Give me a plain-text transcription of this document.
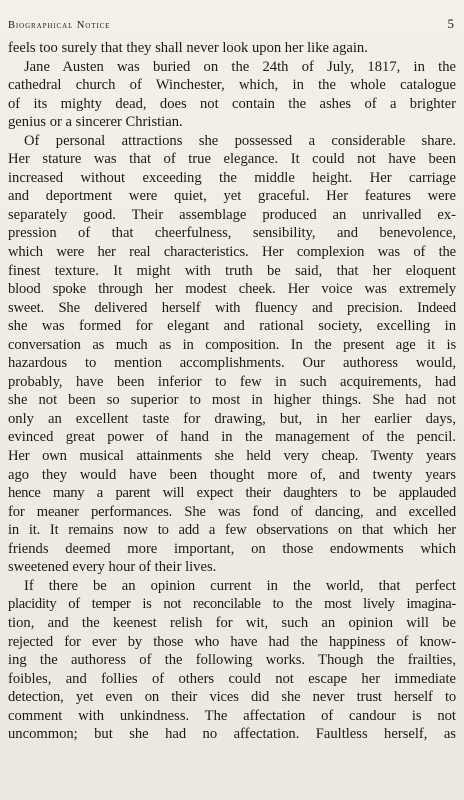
Biographical Notice	5
feels too surely that they shall never look upon her like again.
Jane Austen was buried on the 24th of July, 1817, in the
cathedral church of Winchester, which, in the whole catalogue
of its mighty dead, does not contain the ashes of a brighter
genius or a sincerer Christian.
Of personal attractions she possessed a considerable share.
Her stature was that of true elegance. It could not have been
increased without exceeding the middle height. Her carriage
and deportment were quiet, yet graceful. Her features were
separately good. Their assemblage produced an unrivalled ex-
pression of that cheerfulness, sensibility, and benevolence,
which were her real characteristics. Her complexion was of the
finest texture. It might with truth be said, that her eloquent
blood spoke through her modest cheek. Her voice was extremely
sweet. She delivered herself with fluency and precision. Indeed
she was formed for elegant and rational society, excelling in
conversation as much as in composition. In the present age it is
hazardous to mention accomplishments. Our authoress would,
probably, have been inferior to few in such acquirements, had
she not been so superior to most in higher things. She had not
only an excellent taste for drawing, but, in her earlier days,
evinced great power of hand in the management of the pencil.
Her own musical attainments she held very cheap. Twenty years
ago they would have been thought more of, and twenty years
hence many a parent will expect their daughters to be applauded
for meaner performances. She was fond of dancing, and excelled
in it. It remains now to add a few observations on that which her
friends deemed more important, on those endowments which
sweetened every hour of their lives.
If there be an opinion current in the world, that perfect
placidity of temper is not reconcilable to the most lively imagina-
tion, and the keenest relish for wit, such an opinion will be
rejected for ever by those who have had the happiness of know-
ing the authoress of the following works. Though the frailties,
foibles, and follies of others could not escape her immediate
detection, yet even on their vices did she never trust herself to
comment with unkindness. The affectation of candour is not
uncommon; but she had no affectation. Faultless herself, as
